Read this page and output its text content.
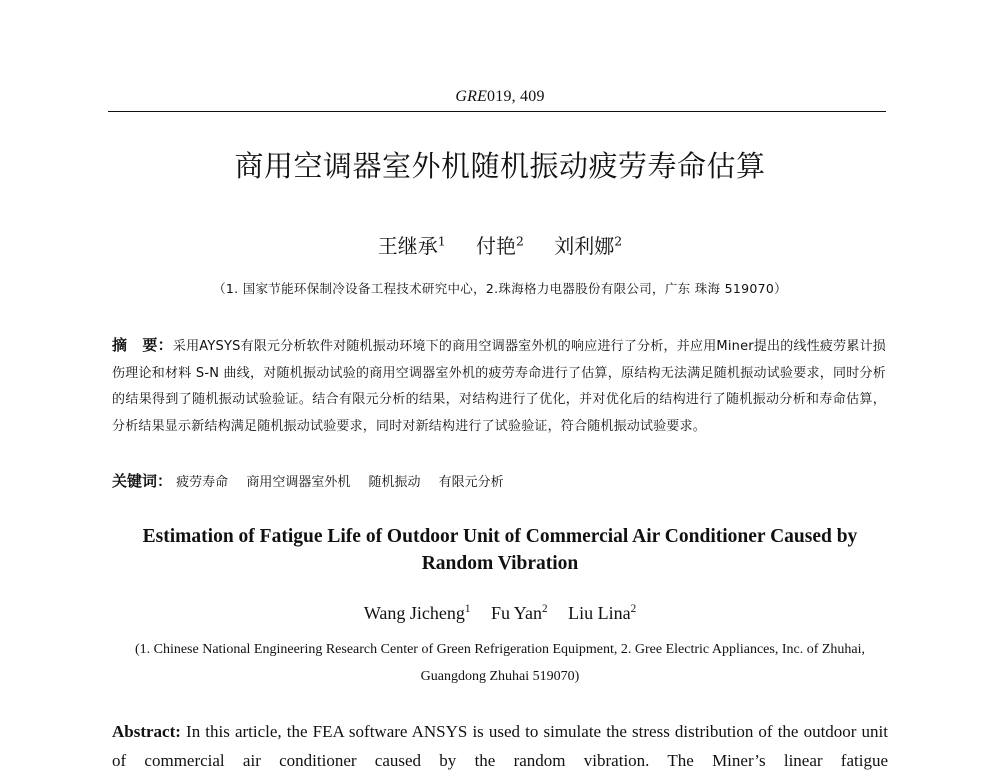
GRE019, 409
商用空调器室外机随机振动疲劳寿命估算
王继承$^1$ 付艳$^2$ 刘利娜$^2$
（1. 国家节能环保制冷设备工程技术研究中心，2.珠海格力电器股份有限公司，广东 珠海 519070）
摘　要：采用AYSYS有限元分析软件对随机振动环境下的商用空调器室外机的响应进行了分析，并应用Miner提出的线性疲劳累计损伤理论和材料 S-N 曲线，对随机振动试验的商用空调器室外机的疲劳寿命进行了估算，原结构无法满足随机振动试验要求，同时分析的结果得到了随机振动试验验证。结合有限元分析的结果，对结构进行了优化，并对优化后的结构进行了随机振动分析和寿命估算，分析结果显示新结构满足随机振动试验要求，同时对新结构进行了试验验证，符合随机振动试验要求。
关键词： 疲劳寿命 商用空调器室外机 随机振动 有限元分析
Estimation of Fatigue Life of Outdoor Unit of Commercial Air Conditioner Caused by Random Vibration
Wang Jicheng$^1$ Fu Yan$^2$ Liu Lina$^2$
(1. Chinese National Engineering Research Center of Green Refrigeration Equipment, 2. Gree Electric Appliances, Inc. of Zhuhai, Guangdong Zhuhai 519070)
Abstract: In this article, the FEA software ANSYS is used to simulate the stress distribution of the outdoor unit of commercial air conditioner caused by the random vibration. The Miner’s linear fatigue
